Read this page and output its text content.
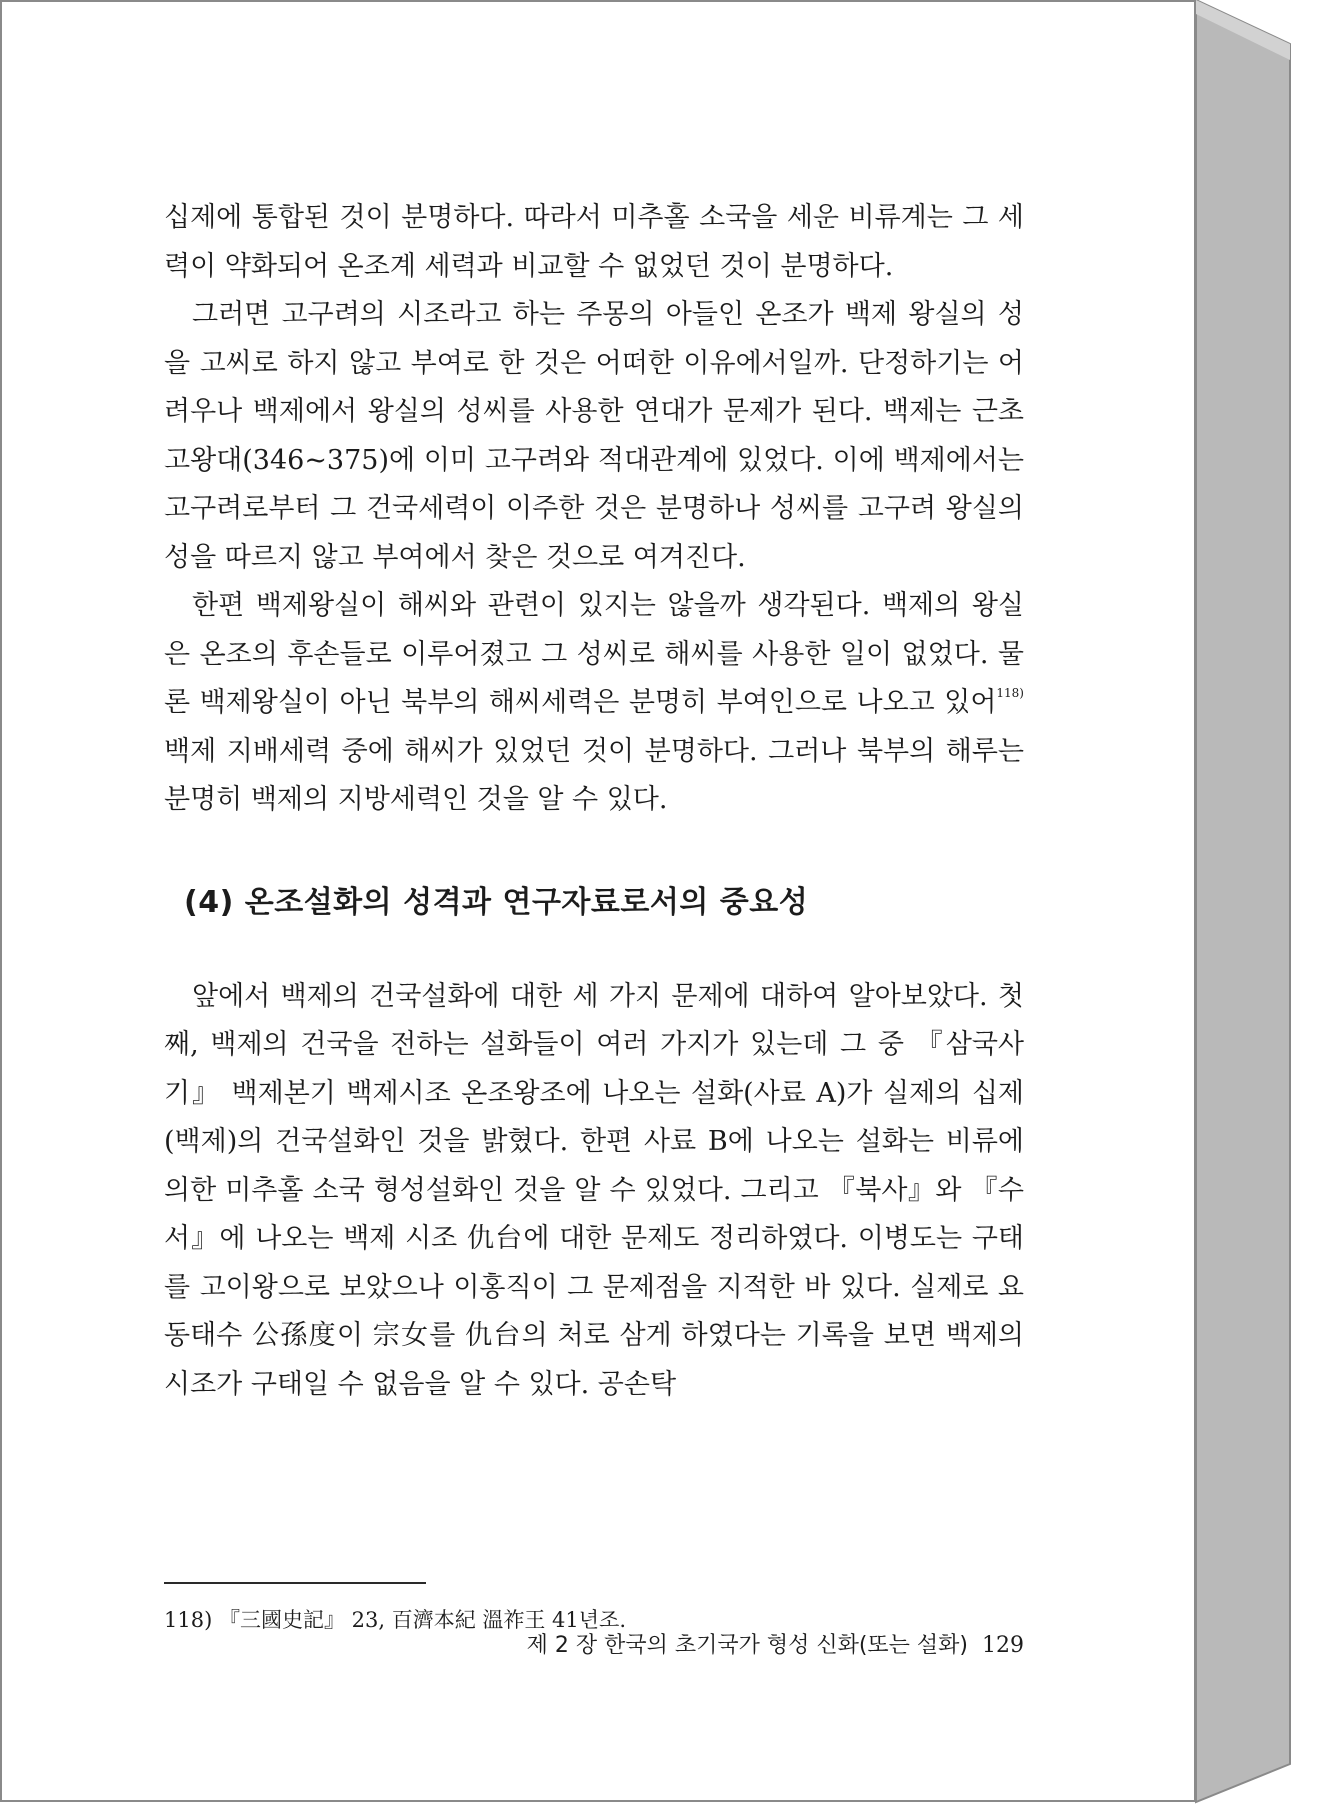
십제에 통합된 것이 분명하다. 따라서 미추홀 소국을 세운 비류계는 그 세력이 약화되어 온조계 세력과 비교할 수 없었던 것이 분명하다.

그러면 고구려의 시조라고 하는 주몽의 아들인 온조가 백제 왕실의 성을 고씨로 하지 않고 부여로 한 것은 어떠한 이유에서일까. 단정하기는 어려우나 백제에서 왕실의 성씨를 사용한 연대가 문제가 된다. 백제는 근초고왕대(346~375)에 이미 고구려와 적대관계에 있었다. 이에 백제에서는 고구려로부터 그 건국세력이 이주한 것은 분명하나 성씨를 고구려 왕실의 성을 따르지 않고 부여에서 찾은 것으로 여겨진다.

한편 백제왕실이 해씨와 관련이 있지는 않을까 생각된다. 백제의 왕실은 온조의 후손들로 이루어졌고 그 성씨로 해씨를 사용한 일이 없었다. 물론 백제왕실이 아닌 북부의 해씨세력은 분명히 부여인으로 나오고 있어$^{118)}$ 백제 지배세력 중에 해씨가 있었던 것이 분명하다. 그러나 북부의 해루는 분명히 백제의 지방세력인 것을 알 수 있다.

(4) 온조설화의 성격과 연구자료로서의 중요성

앞에서 백제의 건국설화에 대한 세 가지 문제에 대하여 알아보았다. 첫째, 백제의 건국을 전하는 설화들이 여러 가지가 있는데 그 중 『삼국사기』 백제본기 백제시조 온조왕조에 나오는 설화(사료 A)가 실제의 십제(백제)의 건국설화인 것을 밝혔다. 한편 사료 B에 나오는 설화는 비류에 의한 미추홀 소국 형성설화인 것을 알 수 있었다. 그리고 『북사』와 『수서』에 나오는 백제 시조 仇台에 대한 문제도 정리하였다. 이병도는 구태를 고이왕으로 보았으나 이홍직이 그 문제점을 지적한 바 있다. 실제로 요동태수 公孫度이 宗女를 仇台의 처로 삼게 하였다는 기록을 보면 백제의 시조가 구태일 수 없음을 알 수 있다. 공손탁

118) 『三國史記』 23, 百濟本紀 溫祚王 41년조.
제 2 장 한국의 초기국가 형성 신화(또는 설화) 129
